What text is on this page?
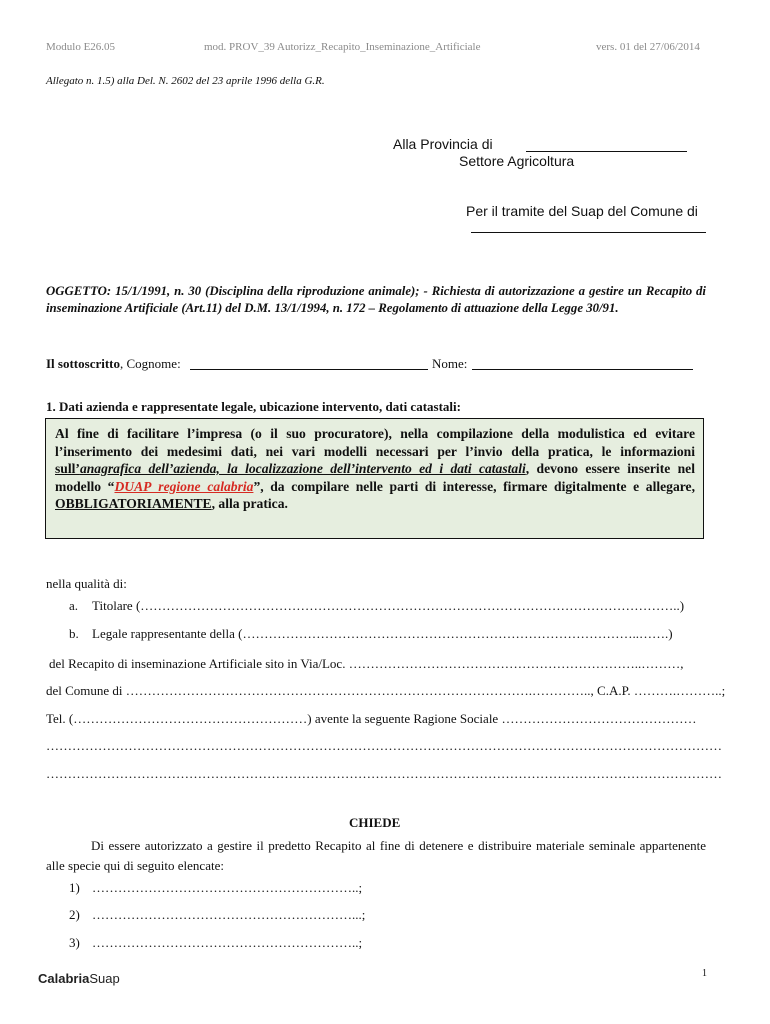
Modulo E26.05	mod. PROV_39 Autorizz_Recapito_Inseminazione_Artificiale	vers. 01 del 27/06/2014
Allegato n. 1.5) alla Del. N. 2602 del 23 aprile 1996 della G.R.
Alla Provincia di
Settore Agricoltura
Per il tramite del Suap del Comune di
OGGETTO: 15/1/1991, n. 30 (Disciplina della riproduzione animale); - Richiesta di autorizzazione a gestire un Recapito di inseminazione Artificiale (Art.11) del D.M. 13/1/1994, n. 172 – Regolamento di attuazione della Legge 30/91.
Il sottoscritto, Cognome:	Nome:
1. Dati azienda e rappresentate legale, ubicazione intervento, dati catastali:

Al fine di facilitare l’impresa (o il suo procuratore), nella compilazione della modulistica ed evitare l’inserimento dei medesimi dati, nei vari modelli necessari per l’invio della pratica, le informazioni sull’anagrafica dell’azienda, la localizzazione dell’intervento ed i dati catastali, devono essere inserite nel modello “DUAP_regione_calabria”, da compilare nelle parti di interesse, firmare digitalmente e allegare, OBBLIGATORIAMENTE, alla pratica.

nella qualità di:
a. Titolare (……………………………………………………………………………………………………………..)
b. Legale rappresentante della (………………………………………………………………………………..…….)
del Recapito di inseminazione Artificiale sito in Via/Loc. …………………………………………………………..………,
del Comune di ………………………………………………………………………………….………….., C.A.P. ……….………..;
Tel. (………………………………………………) avente la seguente Ragione Sociale ………………………………………
…………………………………………………………………………………………………………………………………………
…………………………………………………………………………………………………………………………………………
CHIEDE
Di essere autorizzato a gestire il predetto Recapito al fine di detenere e distribuire materiale seminale appartenente alle specie qui di seguito elencate:
1) ……………………………………………………..;
2) ……………………………………………………...;
3) ……………………………………………………..;
CalabriaSuap	1
